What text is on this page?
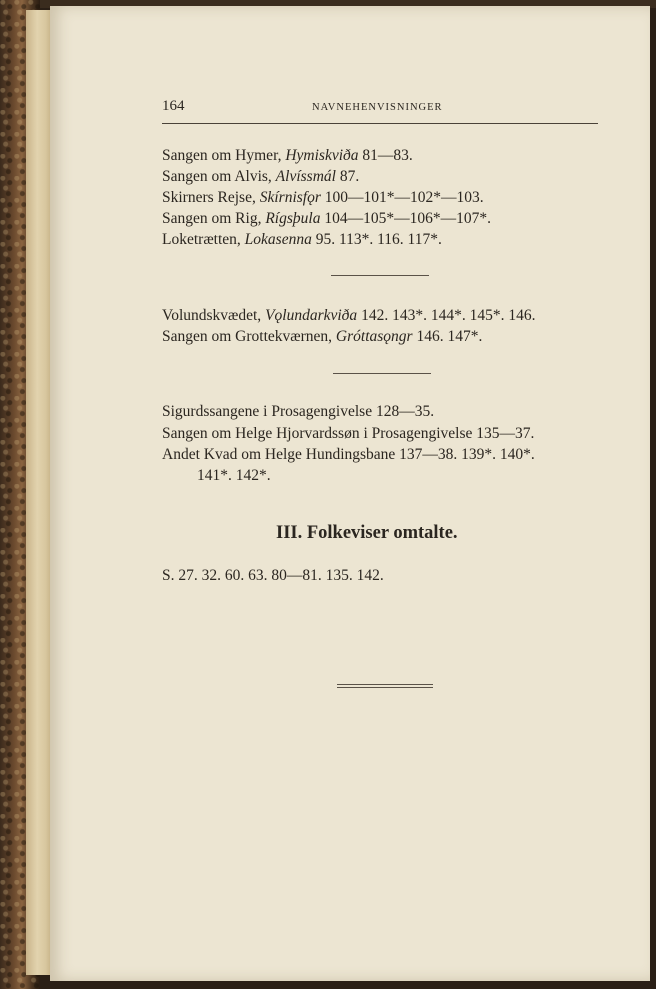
164	NAVNEHENVISNINGER
Sangen om Hymer, Hymiskviða 81—83.
Sangen om Alvis, Alvíssmál 87.
Skirners Rejse, Skírnisfǫr 100—101*—102*—103.
Sangen om Rig, Rígsþula 104—105*—106*—107*.
Loketrætten, Lokasenna 95. 113*. 116. 117*.
Volundskvædet, Vǫlundarkviða 142. 143*. 144*. 145*. 146.
Sangen om Grottekværnen, Gróttasǫngr 146. 147*.
Sigurdssangene i Prosagengivelse 128—35.
Sangen om Helge Hjorvardssøn i Prosagengivelse 135—37.
Andet Kvad om Helge Hundingsbane 137—38. 139*. 140*.
141*. 142*.
III. Folkeviser omtalte.
S. 27. 32. 60. 63. 80—81. 135. 142.
